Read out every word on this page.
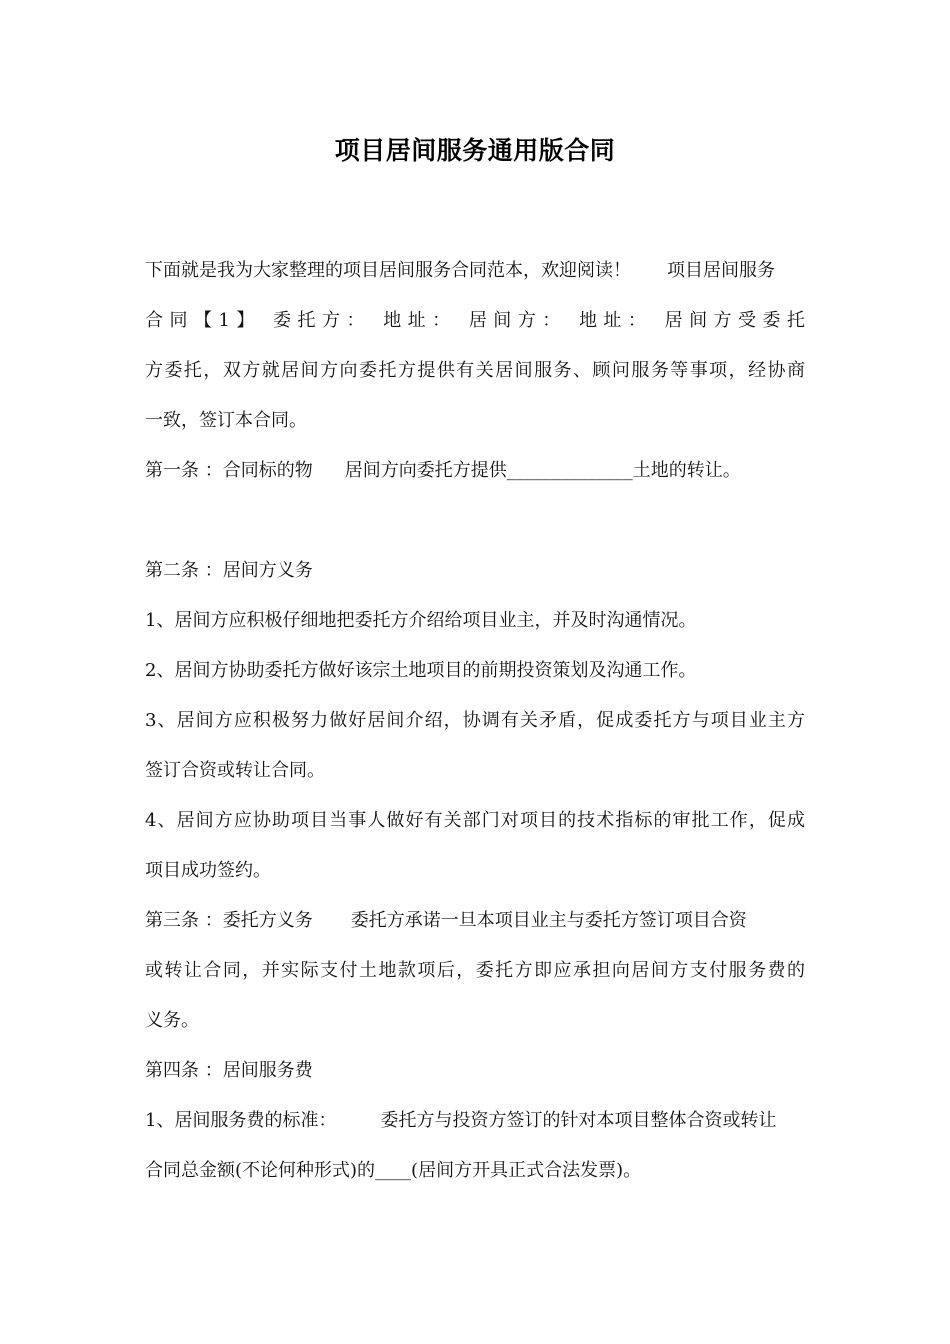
项目居间服务通用版合同
下面就是我为大家整理的项目居间服务合同范本，欢迎阅读！ 项目居间服务
合同【1】 委托方： 地址： 居间方： 地址： 居间方受委托
方委托，双方就居间方向委托方提供有关居间服务、顾问服务等事项，经协商
一致，签订本合同。
第一条 ：合同标的物 居间方向委托方提供______________土地的转让。
第二条 ：居间方义务
1、居间方应积极仔细地把委托方介绍给项目业主，并及时沟通情况。
2、居间方协助委托方做好该宗土地项目的前期投资策划及沟通工作。
3、居间方应积极努力做好居间介绍，协调有关矛盾，促成委托方与项目业主方
签订合资或转让合同。
4、居间方应协助项目当事人做好有关部门对项目的技术指标的审批工作，促成
项目成功签约。
第三条 ：委托方义务 委托方承诺一旦本项目业主与委托方签订项目合资
或转让合同，并实际支付土地款项后，委托方即应承担向居间方支付服务费的
义务。
第四条 ：居间服务费
1、居间服务费的标准： 委托方与投资方签订的针对本项目整体合资或转让
合同总金额(不论何种形式)的____(居间方开具正式合法发票)。
